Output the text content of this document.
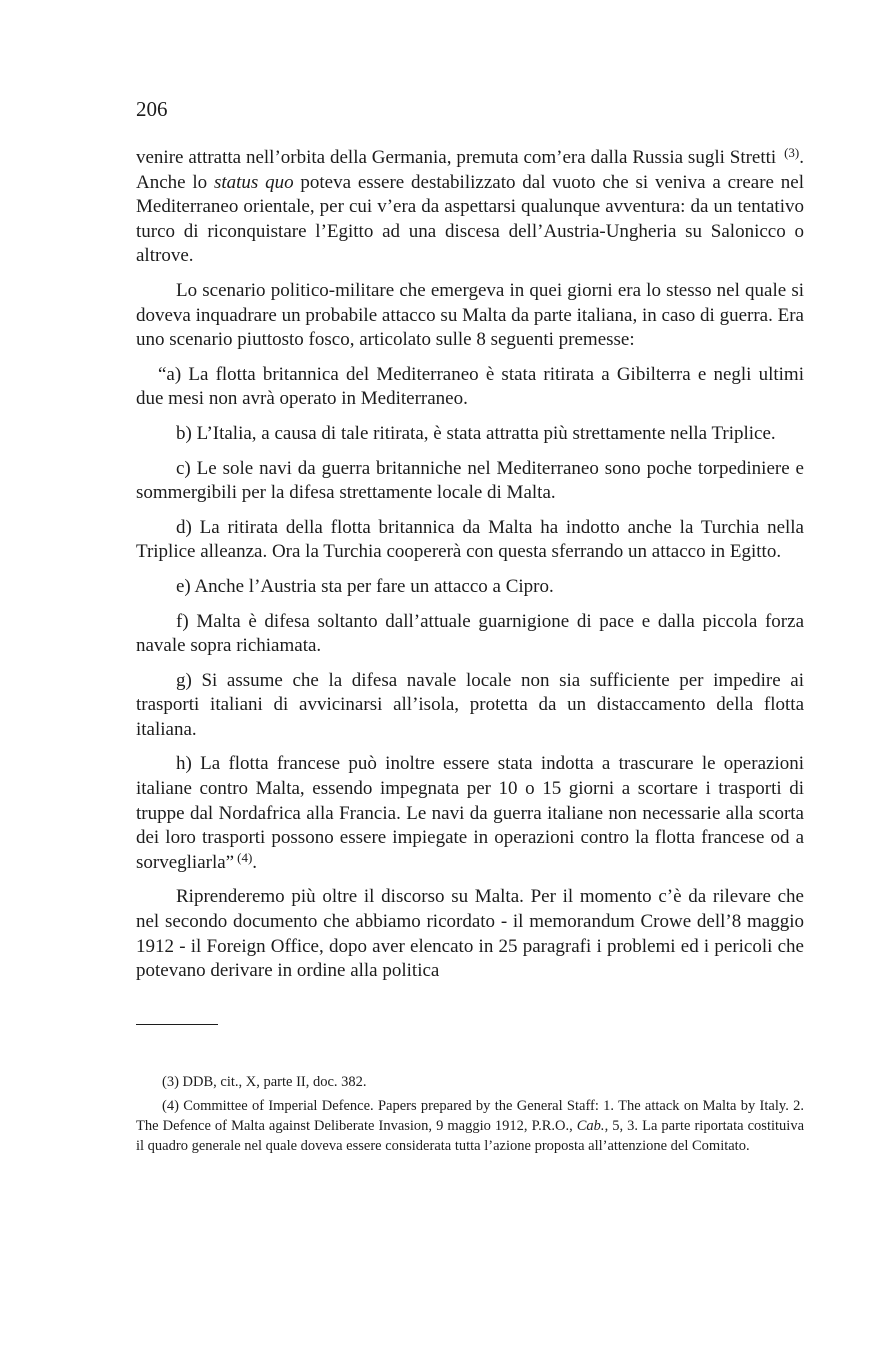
206

venire attratta nell’orbita della Germania, premuta com’era dalla Russia sugli Stretti $^{(3)}$. Anche lo status quo poteva essere destabilizzato dal vuoto che si veniva a creare nel Mediterraneo orientale, per cui v’era da aspettarsi qualunque avventura: da un tentativo turco di riconquistare l’Egitto ad una discesa dell’Austria-Ungheria su Salonicco o altrove.

Lo scenario politico-militare che emergeva in quei giorni era lo stesso nel quale si doveva inquadrare un probabile attacco su Malta da parte italiana, in caso di guerra. Era uno scenario piuttosto fosco, articolato sulle 8 seguenti premesse:

“a) La flotta britannica del Mediterraneo è stata ritirata a Gibilterra e negli ultimi due mesi non avrà operato in Mediterraneo.

b) L’Italia, a causa di tale ritirata, è stata attratta più strettamente nella Triplice.

c) Le sole navi da guerra britanniche nel Mediterraneo sono poche torpediniere e sommergibili per la difesa strettamente locale di Malta.

d) La ritirata della flotta britannica da Malta ha indotto anche la Turchia nella Triplice alleanza. Ora la Turchia coopererà con questa sferrando un attacco in Egitto.

e) Anche l’Austria sta per fare un attacco a Cipro.

f) Malta è difesa soltanto dall’attuale guarnigione di pace e dalla piccola forza navale sopra richiamata.

g) Si assume che la difesa navale locale non sia sufficiente per impedire ai trasporti italiani di avvicinarsi all’isola, protetta da un distaccamento della flotta italiana.

h) La flotta francese può inoltre essere stata indotta a trascurare le operazioni italiane contro Malta, essendo impegnata per 10 o 15 giorni a scortare i trasporti di truppe dal Nordafrica alla Francia. Le navi da guerra italiane non necessarie alla scorta dei loro trasporti possono essere impiegate in operazioni contro la flotta francese od a sorvegliarla” $^{(4)}$.

Riprenderemo più oltre il discorso su Malta. Per il momento c’è da rilevare che nel secondo documento che abbiamo ricordato - il memorandum Crowe dell’8 maggio 1912 - il Foreign Office, dopo aver elencato in 25 paragrafi i problemi ed i pericoli che potevano derivare in ordine alla politica

(3) DDB, cit., X, parte II, doc. 382.

(4) Committee of Imperial Defence. Papers prepared by the General Staff: 1. The attack on Malta by Italy. 2. The Defence of Malta against Deliberate Invasion, 9 maggio 1912, P.R.O., Cab., 5, 3. La parte riportata costituiva il quadro generale nel quale doveva essere considerata tutta l’azione proposta all’attenzione del Comitato.
